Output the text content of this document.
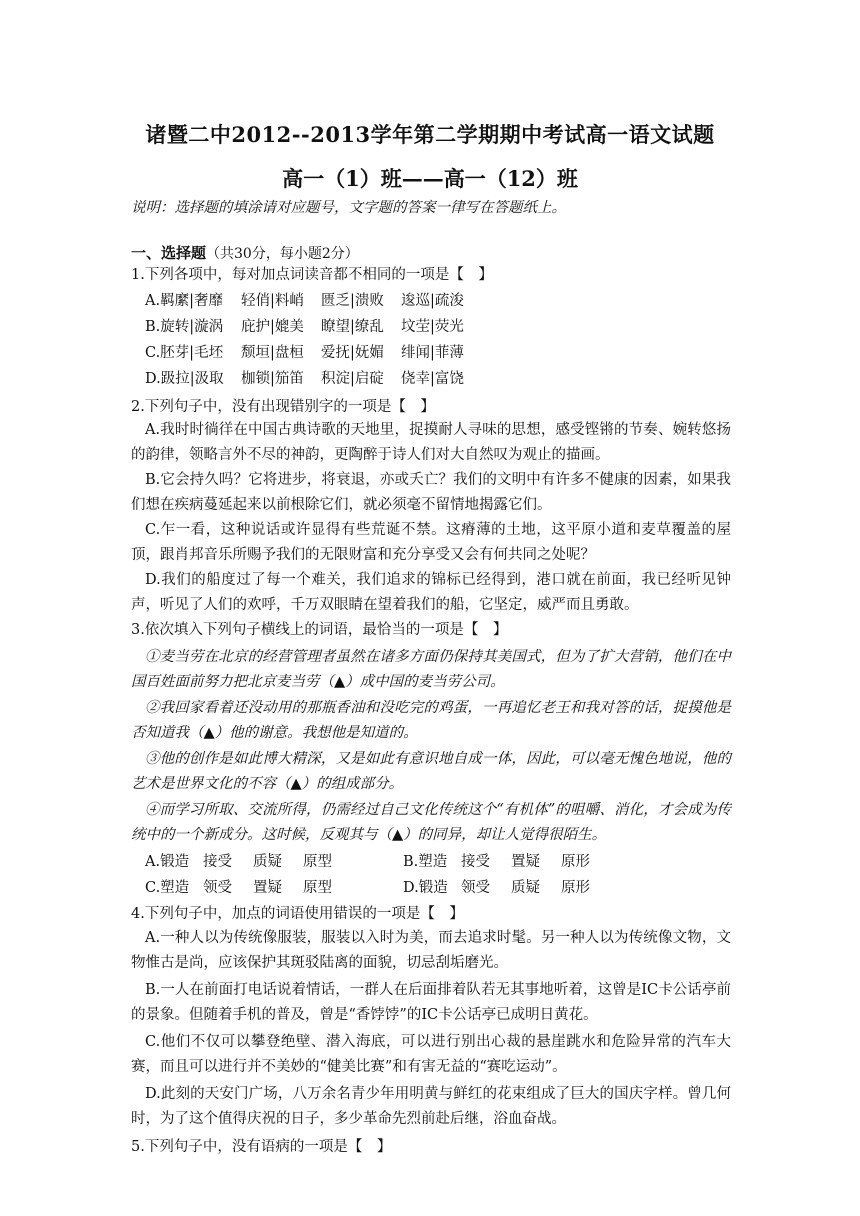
诸暨二中2012--2013学年第二学期期中考试高一语文试题
高一（1）班——高一（12）班
说明：选择题的填涂请对应题号，文字题的答案一律写在答题纸上。
一、选择题（共30分，每小题2分）
1.下列各项中，每对加点词读音都不相同的一项是【　】
A.羁縻|奢靡 轻俏|料峭 匮乏|溃败 逡巡|疏浚
B.旋转|漩涡 庇护|媲美 瞭望|缭乱 坟茔|荧光
C.胚芽|毛坯 颓垣|盘桓 爱抚|妩媚 绯闻|菲薄
D.趿拉|汲取 枷锁|笳笛 积淀|启碇 侥幸|富饶
2.下列句子中，没有出现错别字的一项是【　】
A.我时时徜徉在中国古典诗歌的天地里，捉摸耐人寻味的思想，感受铿锵的节奏、婉转悠扬的韵律，领略言外不尽的神韵，更陶醉于诗人们对大自然叹为观止的描画。
B.它会持久吗？它将进步，将衰退，亦或夭亡？我们的文明中有许多不健康的因素，如果我们想在疾病蔓延起来以前根除它们，就必须毫不留情地揭露它们。
C.乍一看，这种说话或许显得有些荒诞不禁。这瘠薄的土地，这平原小道和麦草覆盖的屋顶，跟肖邦音乐所赐予我们的无限财富和充分享受又会有何共同之处呢？
D.我们的船度过了每一个难关，我们追求的锦标已经得到，港口就在前面，我已经听见钟声，听见了人们的欢呼，千万双眼睛在望着我们的船，它坚定，威严而且勇敢。
3.依次填入下列句子横线上的词语，最恰当的一项是【　】
①麦当劳在北京的经营管理者虽然在诸多方面仍保持其美国式，但为了扩大营销，他们在中国百姓面前努力把北京麦当劳（▲）成中国的麦当劳公司。
②我回家看着还没动用的那瓶香油和没吃完的鸡蛋，一再追忆老王和我对答的话，捉摸他是否知道我（▲）他的谢意。我想他是知道的。
③他的创作是如此博大精深，又是如此有意识地自成一体，因此，可以毫无愧色地说，他的艺术是世界文化的不容（▲）的组成部分。
④而学习所取、交流所得，仍需经过自己文化传统这个“有机体”的咀嚼、消化，才会成为传统中的一个新成分。这时候，反观其与（▲）的同异，却让人觉得很陌生。
A.锻造 接受 质疑 原型	B.塑造 接受 置疑 原形
C.塑造 领受 置疑 原型	D.锻造 领受 质疑 原形
4.下列句子中，加点的词语使用错误的一项是【　】
A.一种人以为传统像服装，服装以入时为美，而去追求时髦。另一种人以为传统像文物，文物惟古是尚，应该保护其斑驳陆离的面貌，切忌刮垢磨光。
B.一人在前面打电话说着情话，一群人在后面排着队若无其事地听着，这曾是IC卡公话亭前的景象。但随着手机的普及，曾是“香饽饽”的IC卡公话亭已成明日黄花。
C.他们不仅可以攀登绝壁、潜入海底，可以进行别出心裁的悬崖跳水和危险异常的汽车大赛，而且可以进行并不美妙的“健美比赛”和有害无益的“赛吃运动”。
D.此刻的天安门广场，八万余名青少年用明黄与鲜红的花束组成了巨大的国庆字样。曾几何时，为了这个值得庆祝的日子，多少革命先烈前赴后继，浴血奋战。
5.下列句子中，没有语病的一项是【　】
